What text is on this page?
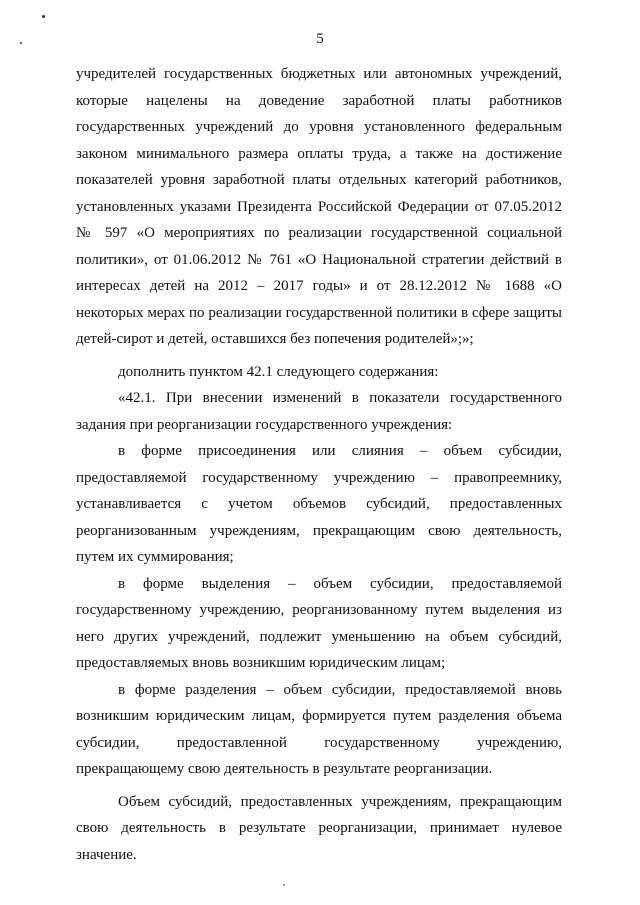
5

учредителей государственных бюджетных или автономных учреждений, которые нацелены на доведение заработной платы работников государственных учреждений до уровня установленного федеральным законом минимального размера оплаты труда, а также на достижение показателей уровня заработной платы отдельных категорий работников, установленных указами Президента Российской Федерации от 07.05.2012 № 597 «О мероприятиях по реализации государственной социальной политики», от 01.06.2012 № 761 «О Национальной стратегии действий в интересах детей на 2012 – 2017 годы» и от 28.12.2012 № 1688 «О некоторых мерах по реализации государственной политики в сфере защиты детей-сирот и детей, оставшихся без попечения родителей»;»;

дополнить пунктом 42.1 следующего содержания:

«42.1. При внесении изменений в показатели государственного задания при реорганизации государственного учреждения:

в форме присоединения или слияния – объем субсидии, предоставляемой государственному учреждению – правопреемнику, устанавливается с учетом объемов субсидий, предоставленных реорганизованным учреждениям, прекращающим свою деятельность, путем их суммирования;

в форме выделения – объем субсидии, предоставляемой государственному учреждению, реорганизованному путем выделения из него других учреждений, подлежит уменьшению на объем субсидий, предоставляемых вновь возникшим юридическим лицам;

в форме разделения – объем субсидии, предоставляемой вновь возникшим юридическим лицам, формируется путем разделения объема субсидии, предоставленной государственному учреждению, прекращающему свою деятельность в результате реорганизации.

Объем субсидий, предоставленных учреждениям, прекращающим свою деятельность в результате реорганизации, принимает нулевое значение.
